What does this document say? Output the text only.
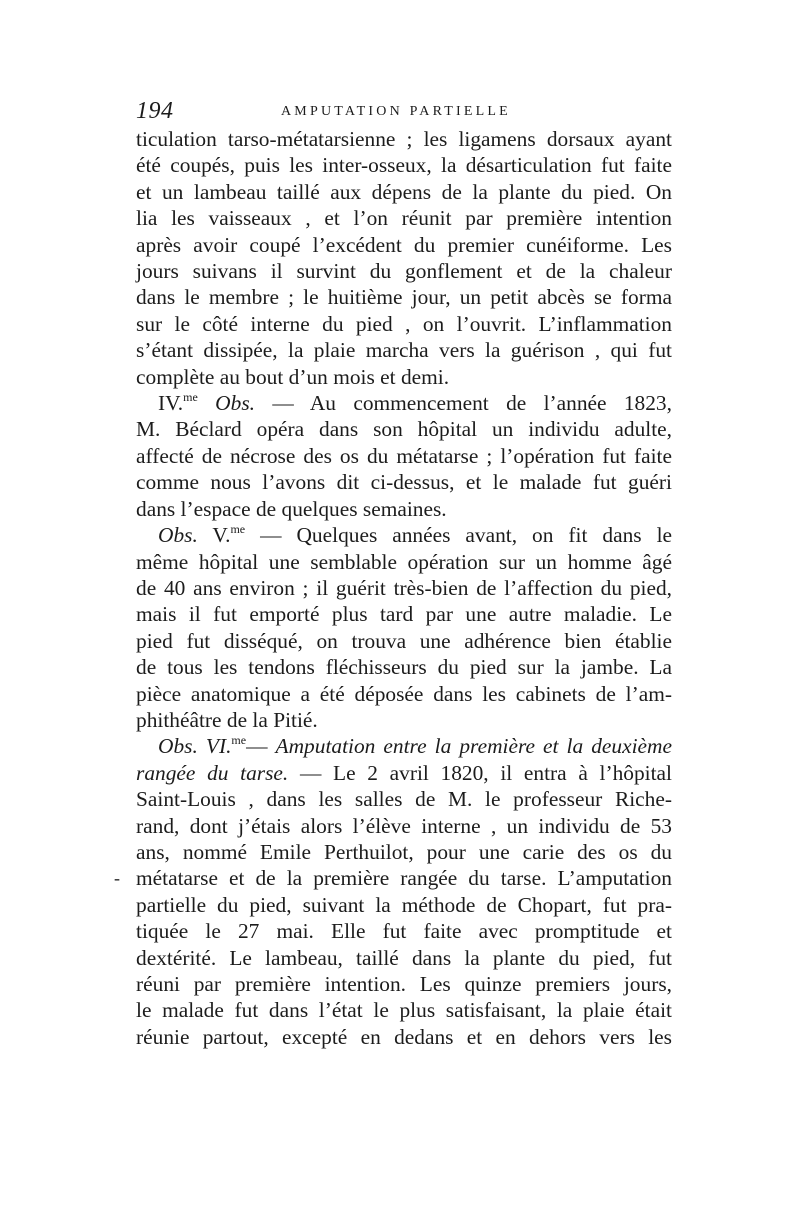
194	AMPUTATION PARTIELLE
ticulation tarso-métatarsienne ; les ligamens dorsaux ayant
été coupés, puis les inter-osseux, la désarticulation fut faite
et un lambeau taillé aux dépens de la plante du pied. On
lia les vaisseaux , et l’on réunit par première intention
après avoir coupé l’excédent du premier cunéiforme. Les
jours suivans il survint du gonflement et de la chaleur
dans le membre ; le huitième jour, un petit abcès se forma
sur le côté interne du pied , on l’ouvrit. L’inflammation
s’étant dissipée, la plaie marcha vers la guérison , qui fut
complète au bout d’un mois et demi.
IV.$^{me}$ Obs. — Au commencement de l’année 1823,
M. Béclard opéra dans son hôpital un individu adulte,
affecté de nécrose des os du métatarse ; l’opération fut faite
comme nous l’avons dit ci-dessus, et le malade fut guéri
dans l’espace de quelques semaines.
Obs. V.$^{me}$ — Quelques années avant, on fit dans le
même hôpital une semblable opération sur un homme âgé
de 40 ans environ ; il guérit très-bien de l’affection du pied,
mais il fut emporté plus tard par une autre maladie. Le
pied fut disséqué, on trouva une adhérence bien établie
de tous les tendons fléchisseurs du pied sur la jambe. La
pièce anatomique a été déposée dans les cabinets de l’am-
phithéâtre de la Pitié.
Obs. VI.$^{me}$— Amputation entre la première et la deuxième
rangée du tarse. — Le 2 avril 1820, il entra à l’hôpital
Saint-Louis , dans les salles de M. le professeur Riche-
rand, dont j’étais alors l’élève interne , un individu de 53
ans, nommé Emile Perthuilot, pour une carie des os du
- métatarse et de la première rangée du tarse. L’amputation
partielle du pied, suivant la méthode de Chopart, fut pra-
tiquée le 27 mai. Elle fut faite avec promptitude et
dextérité. Le lambeau, taillé dans la plante du pied, fut
réuni par première intention. Les quinze premiers jours,
le malade fut dans l’état le plus satisfaisant, la plaie était
réunie partout, excepté en dedans et en dehors vers les
